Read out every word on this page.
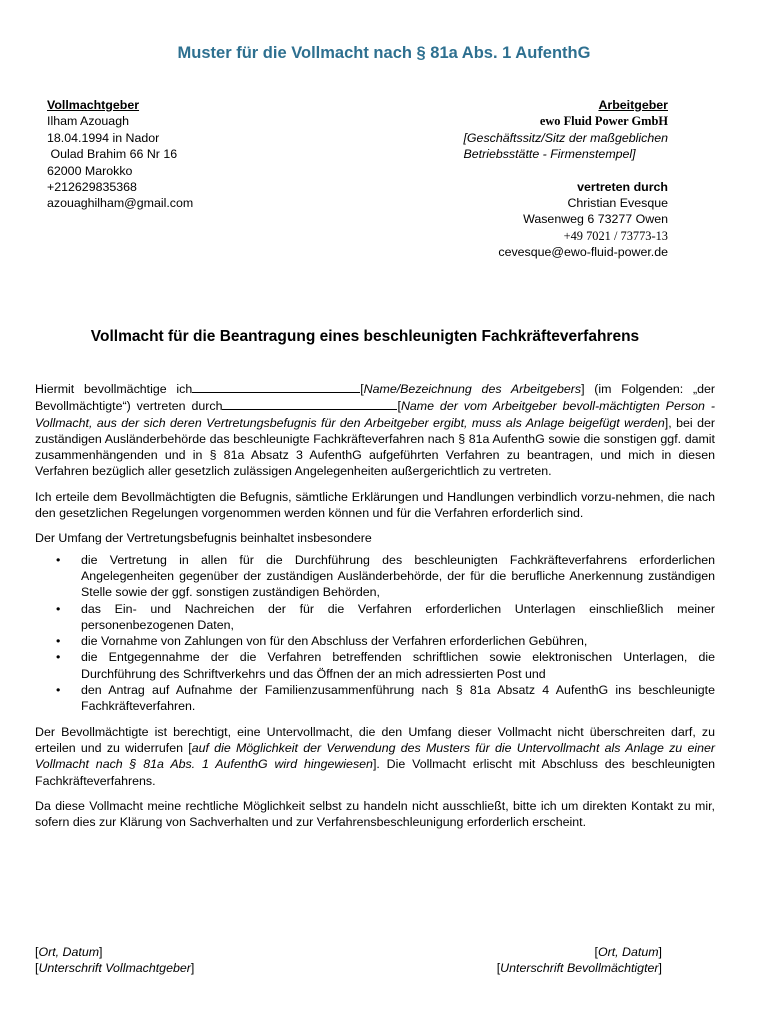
Muster für die Vollmacht nach § 81a Abs. 1 AufenthG
Vollmachtgeber
Ilham Azouagh
18.04.1994 in Nador
Oulad Brahim 66 Nr 16
62000 Marokko
+212629835368
azouaghilham@gmail.com
Arbeitgeber
ewo Fluid Power GmbH
[Geschäftssitz/Sitz der maßgeblichen
Betriebsstätte - Firmenstempel]
vertreten durch
Christian Evesque
Wasenweg 6 73277 Owen
+49 7021 / 73773-13
cevesque@ewo-fluid-power.de
Vollmacht für die Beantragung eines beschleunigten Fachkräfteverfahrens

Hiermit bevollmächtige ich	[Name/Bezeichnung des Arbeitgebers] (im Folgenden: „der Bevollmächtigte“) vertreten durch	[Name der vom Arbeitgeber bevoll-mächtigten Person - Vollmacht, aus der sich deren Vertretungsbefugnis für den Arbeitgeber ergibt, muss als Anlage beigefügt werden], bei der zuständigen Ausländerbehörde das beschleunigte Fachkräfteverfahren nach § 81a AufenthG sowie die sonstigen ggf. damit zusammenhängenden und in § 81a Absatz 3 AufenthG aufgeführten Verfahren zu beantragen, und mich in diesen Verfahren bezüglich aller gesetzlich zulässigen Angelegenheiten außergerichtlich zu vertreten.

Ich erteile dem Bevollmächtigten die Befugnis, sämtliche Erklärungen und Handlungen verbindlich vorzu-nehmen, die nach den gesetzlichen Regelungen vorgenommen werden können und für die Verfahren erforderlich sind.

Der Umfang der Vertretungsbefugnis beinhaltet insbesondere

• die Vertretung in allen für die Durchführung des beschleunigten Fachkräfteverfahrens erforderlichen Angelegenheiten gegenüber der zuständigen Ausländerbehörde, der für die berufliche Anerkennung zuständigen Stelle sowie der ggf. sonstigen zuständigen Behörden,
• das Ein- und Nachreichen der für die Verfahren erforderlichen Unterlagen einschließlich meiner personenbezogenen Daten,
• die Vornahme von Zahlungen von für den Abschluss der Verfahren erforderlichen Gebühren,
• die Entgegennahme der die Verfahren betreffenden schriftlichen sowie elektronischen Unterlagen, die Durchführung des Schriftverkehrs und das Öffnen der an mich adressierten Post und
• den Antrag auf Aufnahme der Familienzusammenführung nach § 81a Absatz 4 AufenthG ins beschleunigte Fachkräfteverfahren.

Der Bevollmächtigte ist berechtigt, eine Untervollmacht, die den Umfang dieser Vollmacht nicht überschreiten darf, zu erteilen und zu widerrufen [auf die Möglichkeit der Verwendung des Musters für die Untervollmacht als Anlage zu einer Vollmacht nach § 81a Abs. 1 AufenthG wird hingewiesen]. Die Vollmacht erlischt mit Abschluss des beschleunigten Fachkräfteverfahrens.

Da diese Vollmacht meine rechtliche Möglichkeit selbst zu handeln nicht ausschließt, bitte ich um direkten Kontakt zu mir, sofern dies zur Klärung von Sachverhalten und zur Verfahrensbeschleunigung erforderlich erscheint.

[Ort, Datum]
[Unterschrift Vollmachtgeber]
[Ort, Datum]
[Unterschrift Bevollmächtigter]
